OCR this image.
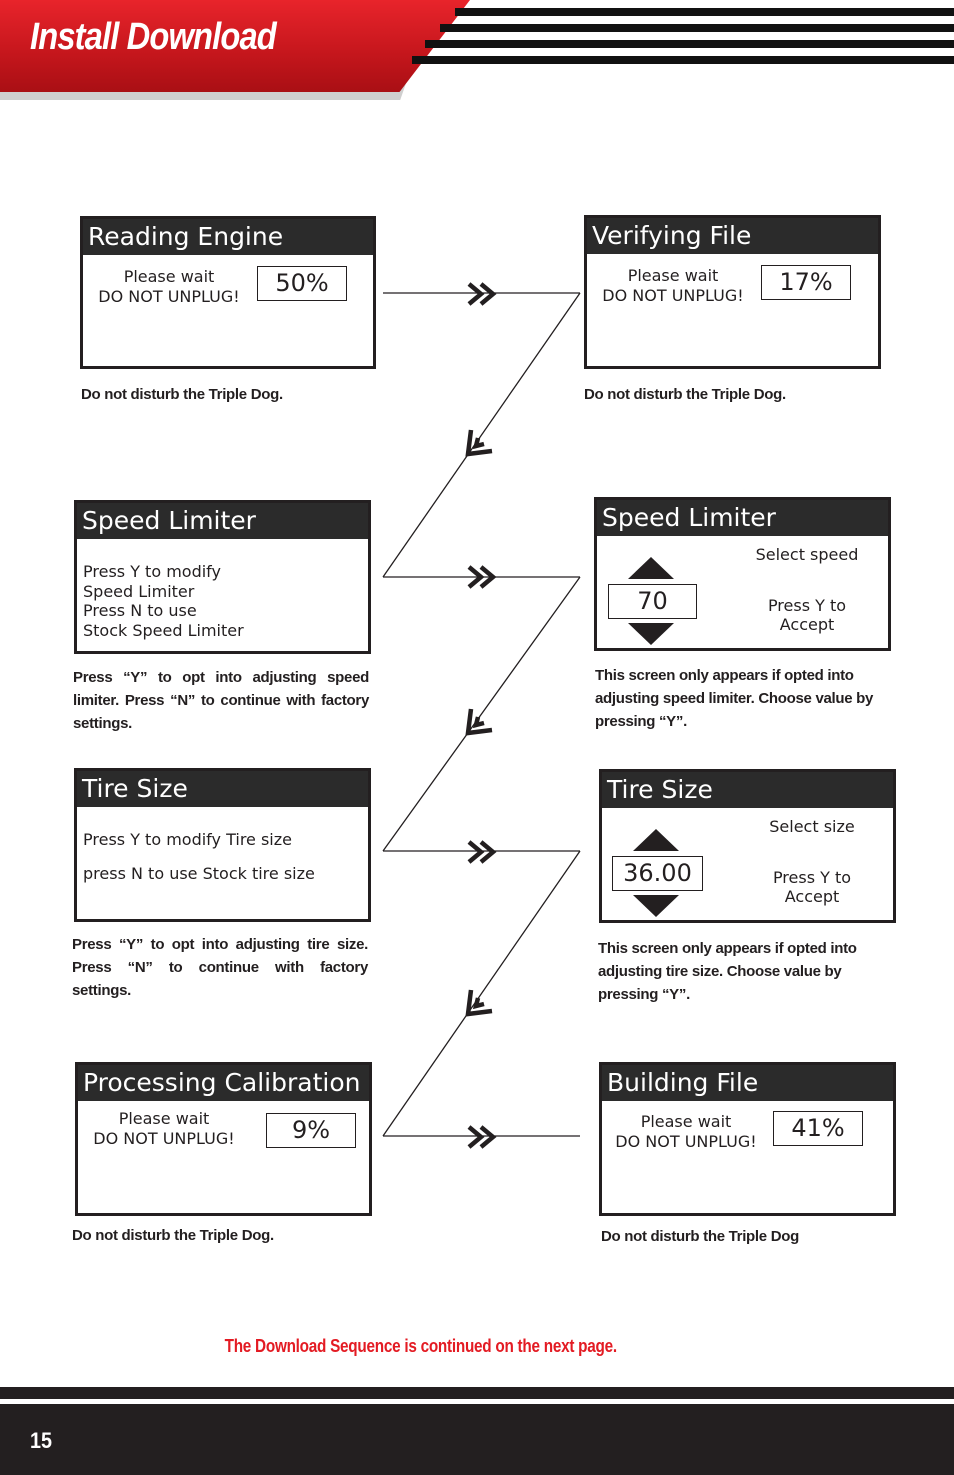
Install Download
Reading Engine
Please wait
DO NOT UNPLUG!	50%
Do not disturb the Triple Dog.
Verifying File
Please wait
DO NOT UNPLUG!	17%
Do not disturb the Triple Dog.
Speed Limiter
Press Y to modify
Speed Limiter
Press N to use
Stock Speed Limiter
Press “Y” to opt into adjusting speed limiter. Press “N” to continue with factory settings.
Speed Limiter
Select speed
70	Press Y to
Accept
This screen only appears if opted into adjusting speed limiter. Choose value by pressing “Y”.
Tire Size
Press Y to modify Tire size
press N to use Stock tire size
Press “Y” to opt into adjusting tire size. Press “N” to continue with factory settings.
Tire Size
Select size
36.00	Press Y to
Accept
This screen only appears if opted into adjusting tire size. Choose value by pressing “Y”.
Processing Calibration
Please wait
DO NOT UNPLUG!	9%
Do not disturb the Triple Dog.
Building File
Please wait
DO NOT UNPLUG!	41%
Do not disturb the Triple Dog
The Download Sequence is continued on the next page.
15
